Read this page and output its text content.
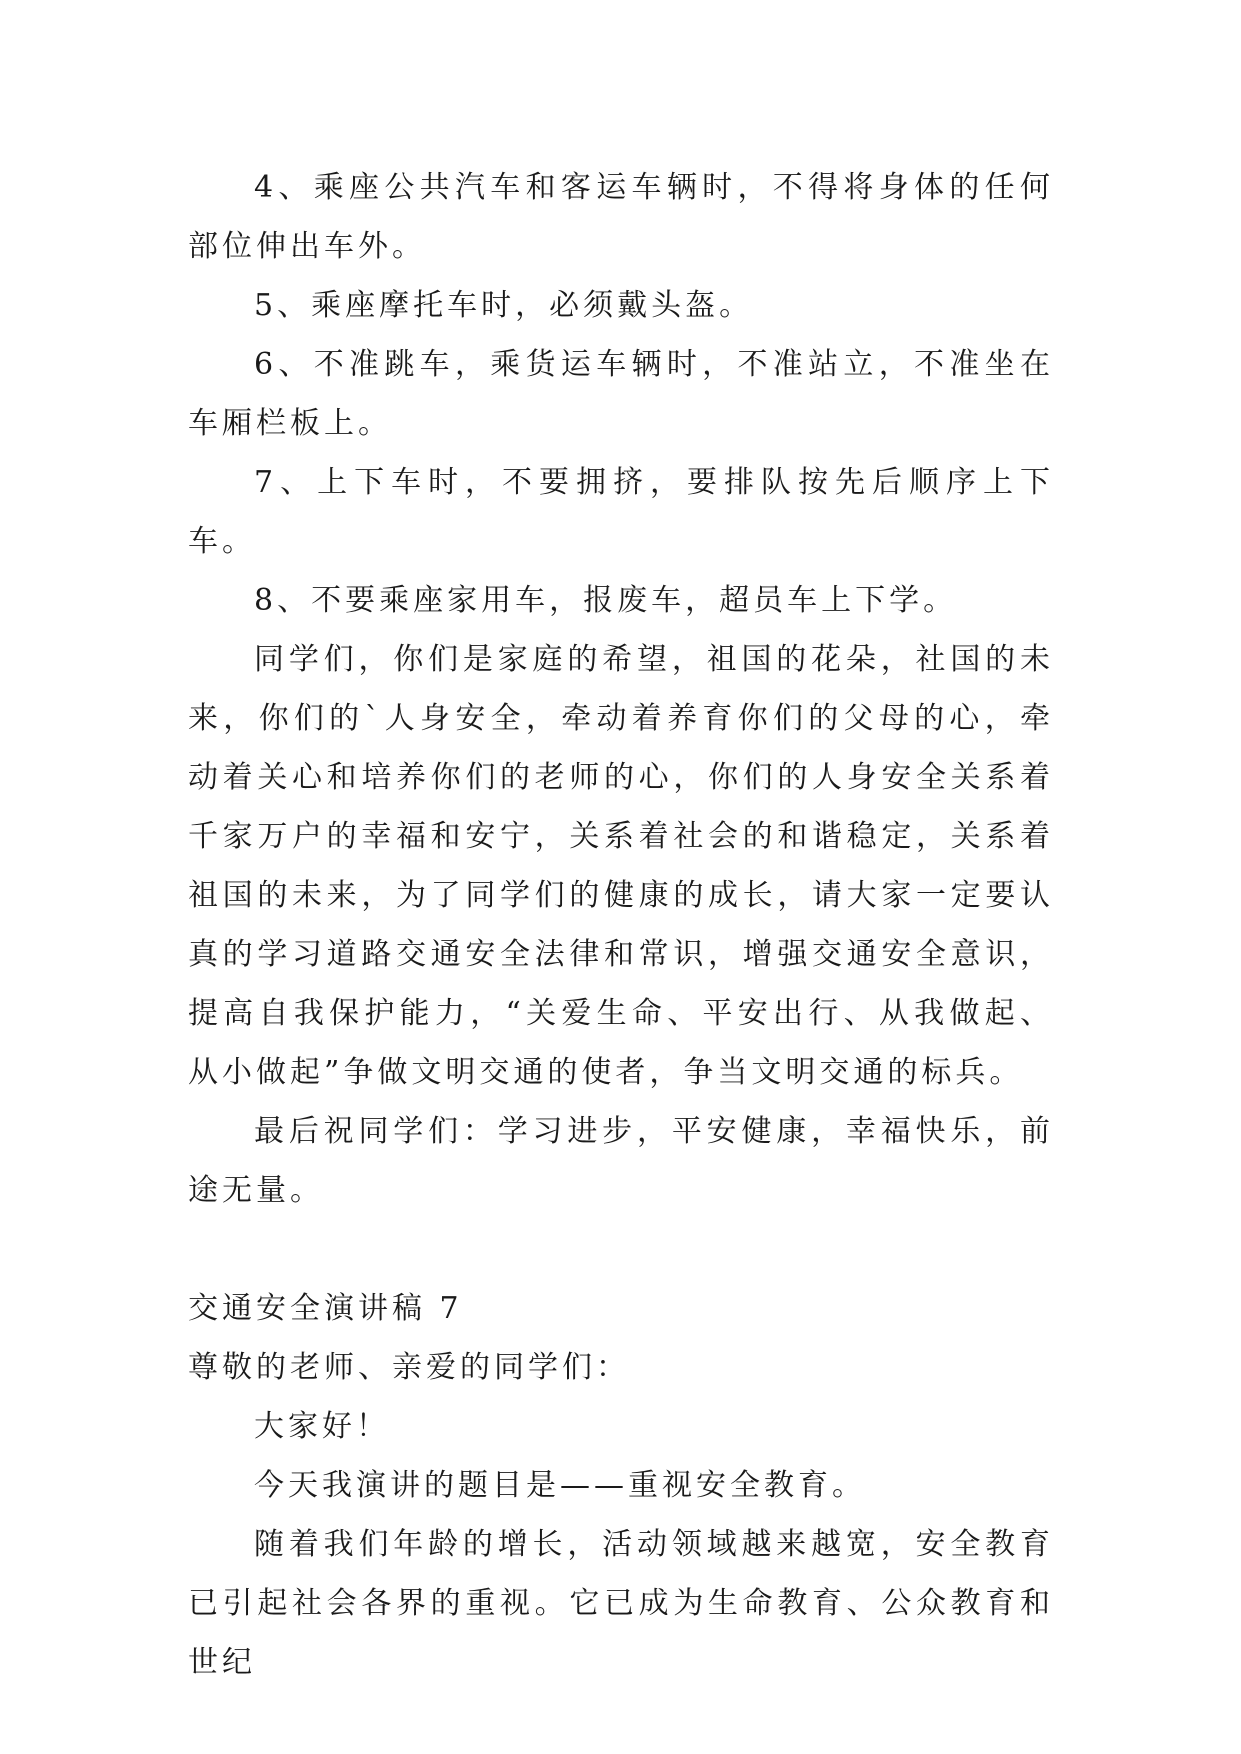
4、乘座公共汽车和客运车辆时，不得将身体的任何部位伸出车外。

5、乘座摩托车时，必须戴头盔。

6、不准跳车，乘货运车辆时，不准站立，不准坐在车厢栏板上。

7、上下车时，不要拥挤，要排队按先后顺序上下车。

8、不要乘座家用车，报废车，超员车上下学。

同学们，你们是家庭的希望，祖国的花朵，社国的未来，你们的`人身安全，牵动着养育你们的父母的心，牵动着关心和培养你们的老师的心，你们的人身安全关系着千家万户的幸福和安宁，关系着社会的和谐稳定，关系着祖国的未来，为了同学们的健康的成长，请大家一定要认真的学习道路交通安全法律和常识，增强交通安全意识，提高自我保护能力，“关爱生命、平安出行、从我做起、从小做起”争做文明交通的使者，争当文明交通的标兵。

最后祝同学们：学习进步，平安健康，幸福快乐，前途无量。

交通安全演讲稿 7

尊敬的老师、亲爱的同学们：

大家好！

今天我演讲的题目是——重视安全教育。

随着我们年龄的增长，活动领域越来越宽，安全教育已引起社会各界的重视。它已成为生命教育、公众教育和世纪
